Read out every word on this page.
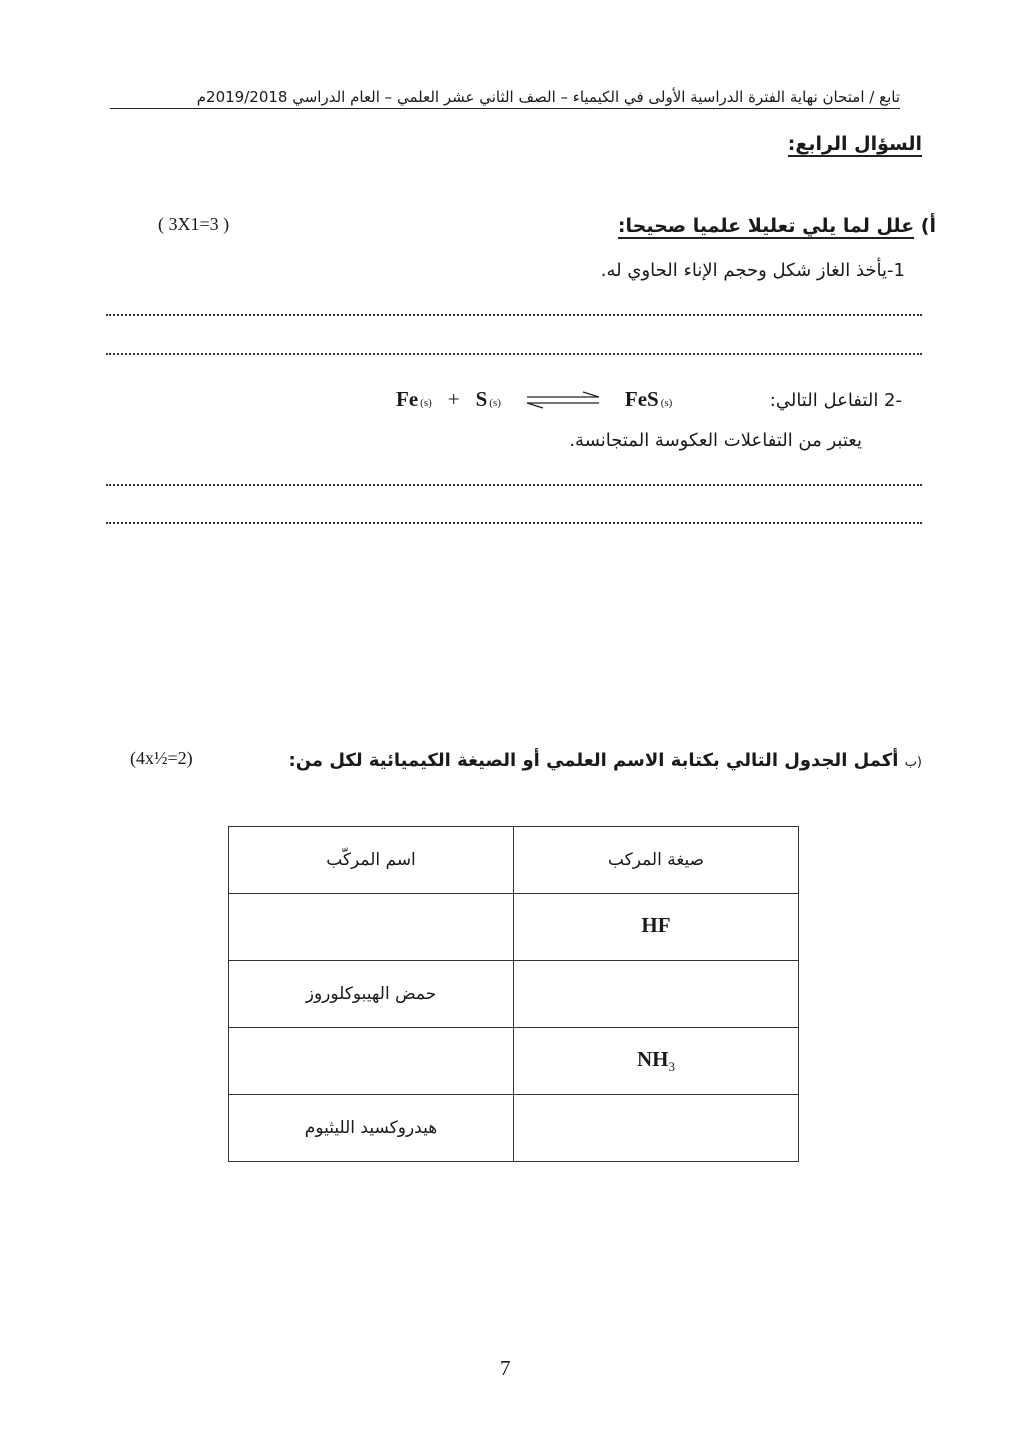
تابع / امتحان نهاية الفترة الدراسية الأولى في الكيمياء – الصف الثاني عشر العلمي – العام الدراسي 2019/2018م
السؤال الرابع:
أ) علل لما يلي تعليلا علميا صحيحا:
( 3X1=3 )
1-يأخذ الغاز شكل وحجم الإناء الحاوي له.
-2 التفاعل التالي:
Fe (s) + S (s) ⇌ FeS (s)
يعتبر من التفاعلات العكوسة المتجانسة.
(ب أكمل الجدول التالي بكتابة الاسم العلمي أو الصيغة الكيميائية لكل من:
(4x½=2)
اسم المركّب	صيغة المركب
	HF
حمض الهيبوكلوروز	
	$NH_3$
هيدروكسيد الليثيوم	
7
